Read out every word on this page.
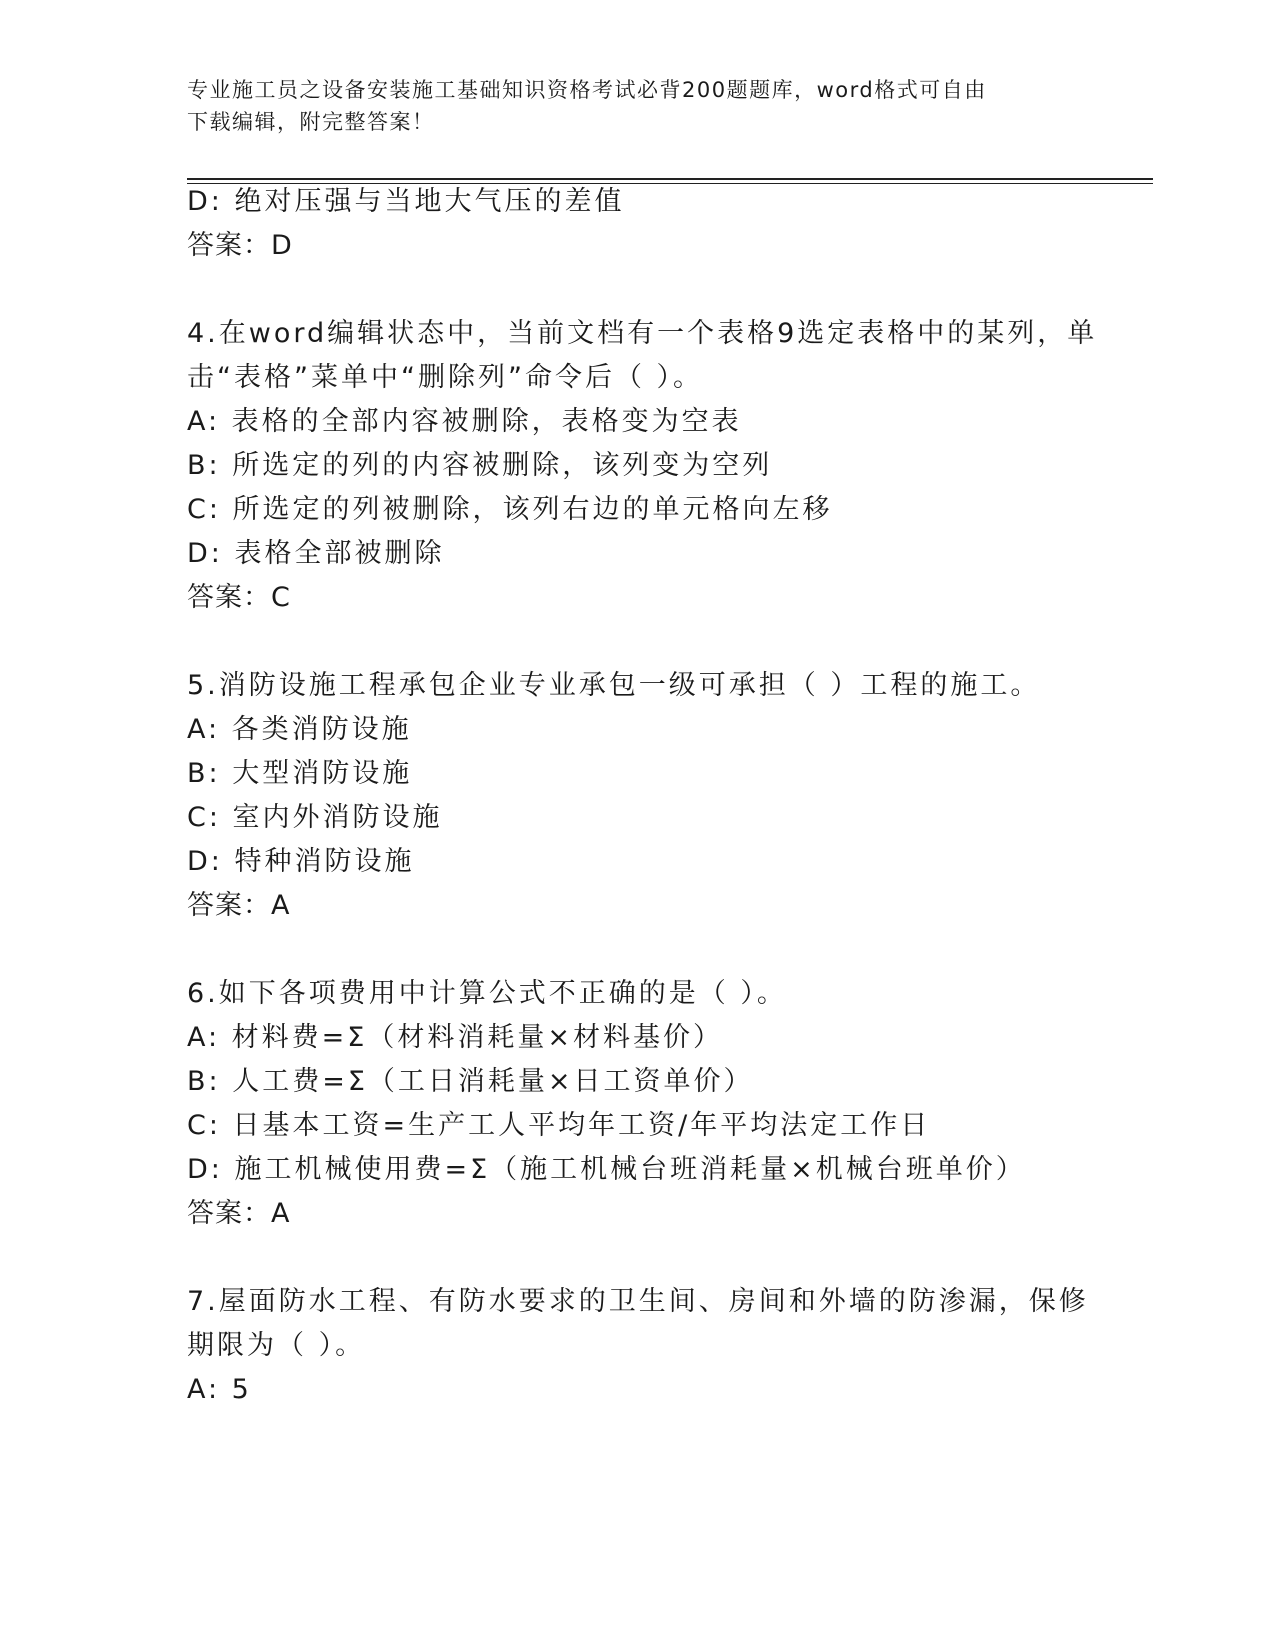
专业施工员之设备安装施工基础知识资格考试必背200题题库，word格式可自由
下载编辑，附完整答案！
D: 绝对压强与当地大气压的差值
答案：D
4.在word编辑状态中，当前文档有一个表格9选定表格中的某列，单
击“表格”菜单中“删除列”命令后（ ）。
A: 表格的全部内容被删除，表格变为空表
B: 所选定的列的内容被删除，该列变为空列
C: 所选定的列被删除，该列右边的单元格向左移
D: 表格全部被删除
答案：C
5.消防设施工程承包企业专业承包一级可承担（ ）工程的施工。
A: 各类消防设施
B: 大型消防设施
C: 室内外消防设施
D: 特种消防设施
答案：A
6.如下各项费用中计算公式不正确的是（ ）。
A: 材料费=Σ（材料消耗量×材料基价）
B: 人工费=Σ（工日消耗量×日工资单价）
C: 日基本工资=生产工人平均年工资/年平均法定工作日
D: 施工机械使用费=Σ（施工机械台班消耗量×机械台班单价）
答案：A
7.屋面防水工程、有防水要求的卫生间、房间和外墙的防渗漏，保修
期限为（ ）。
A: 5
